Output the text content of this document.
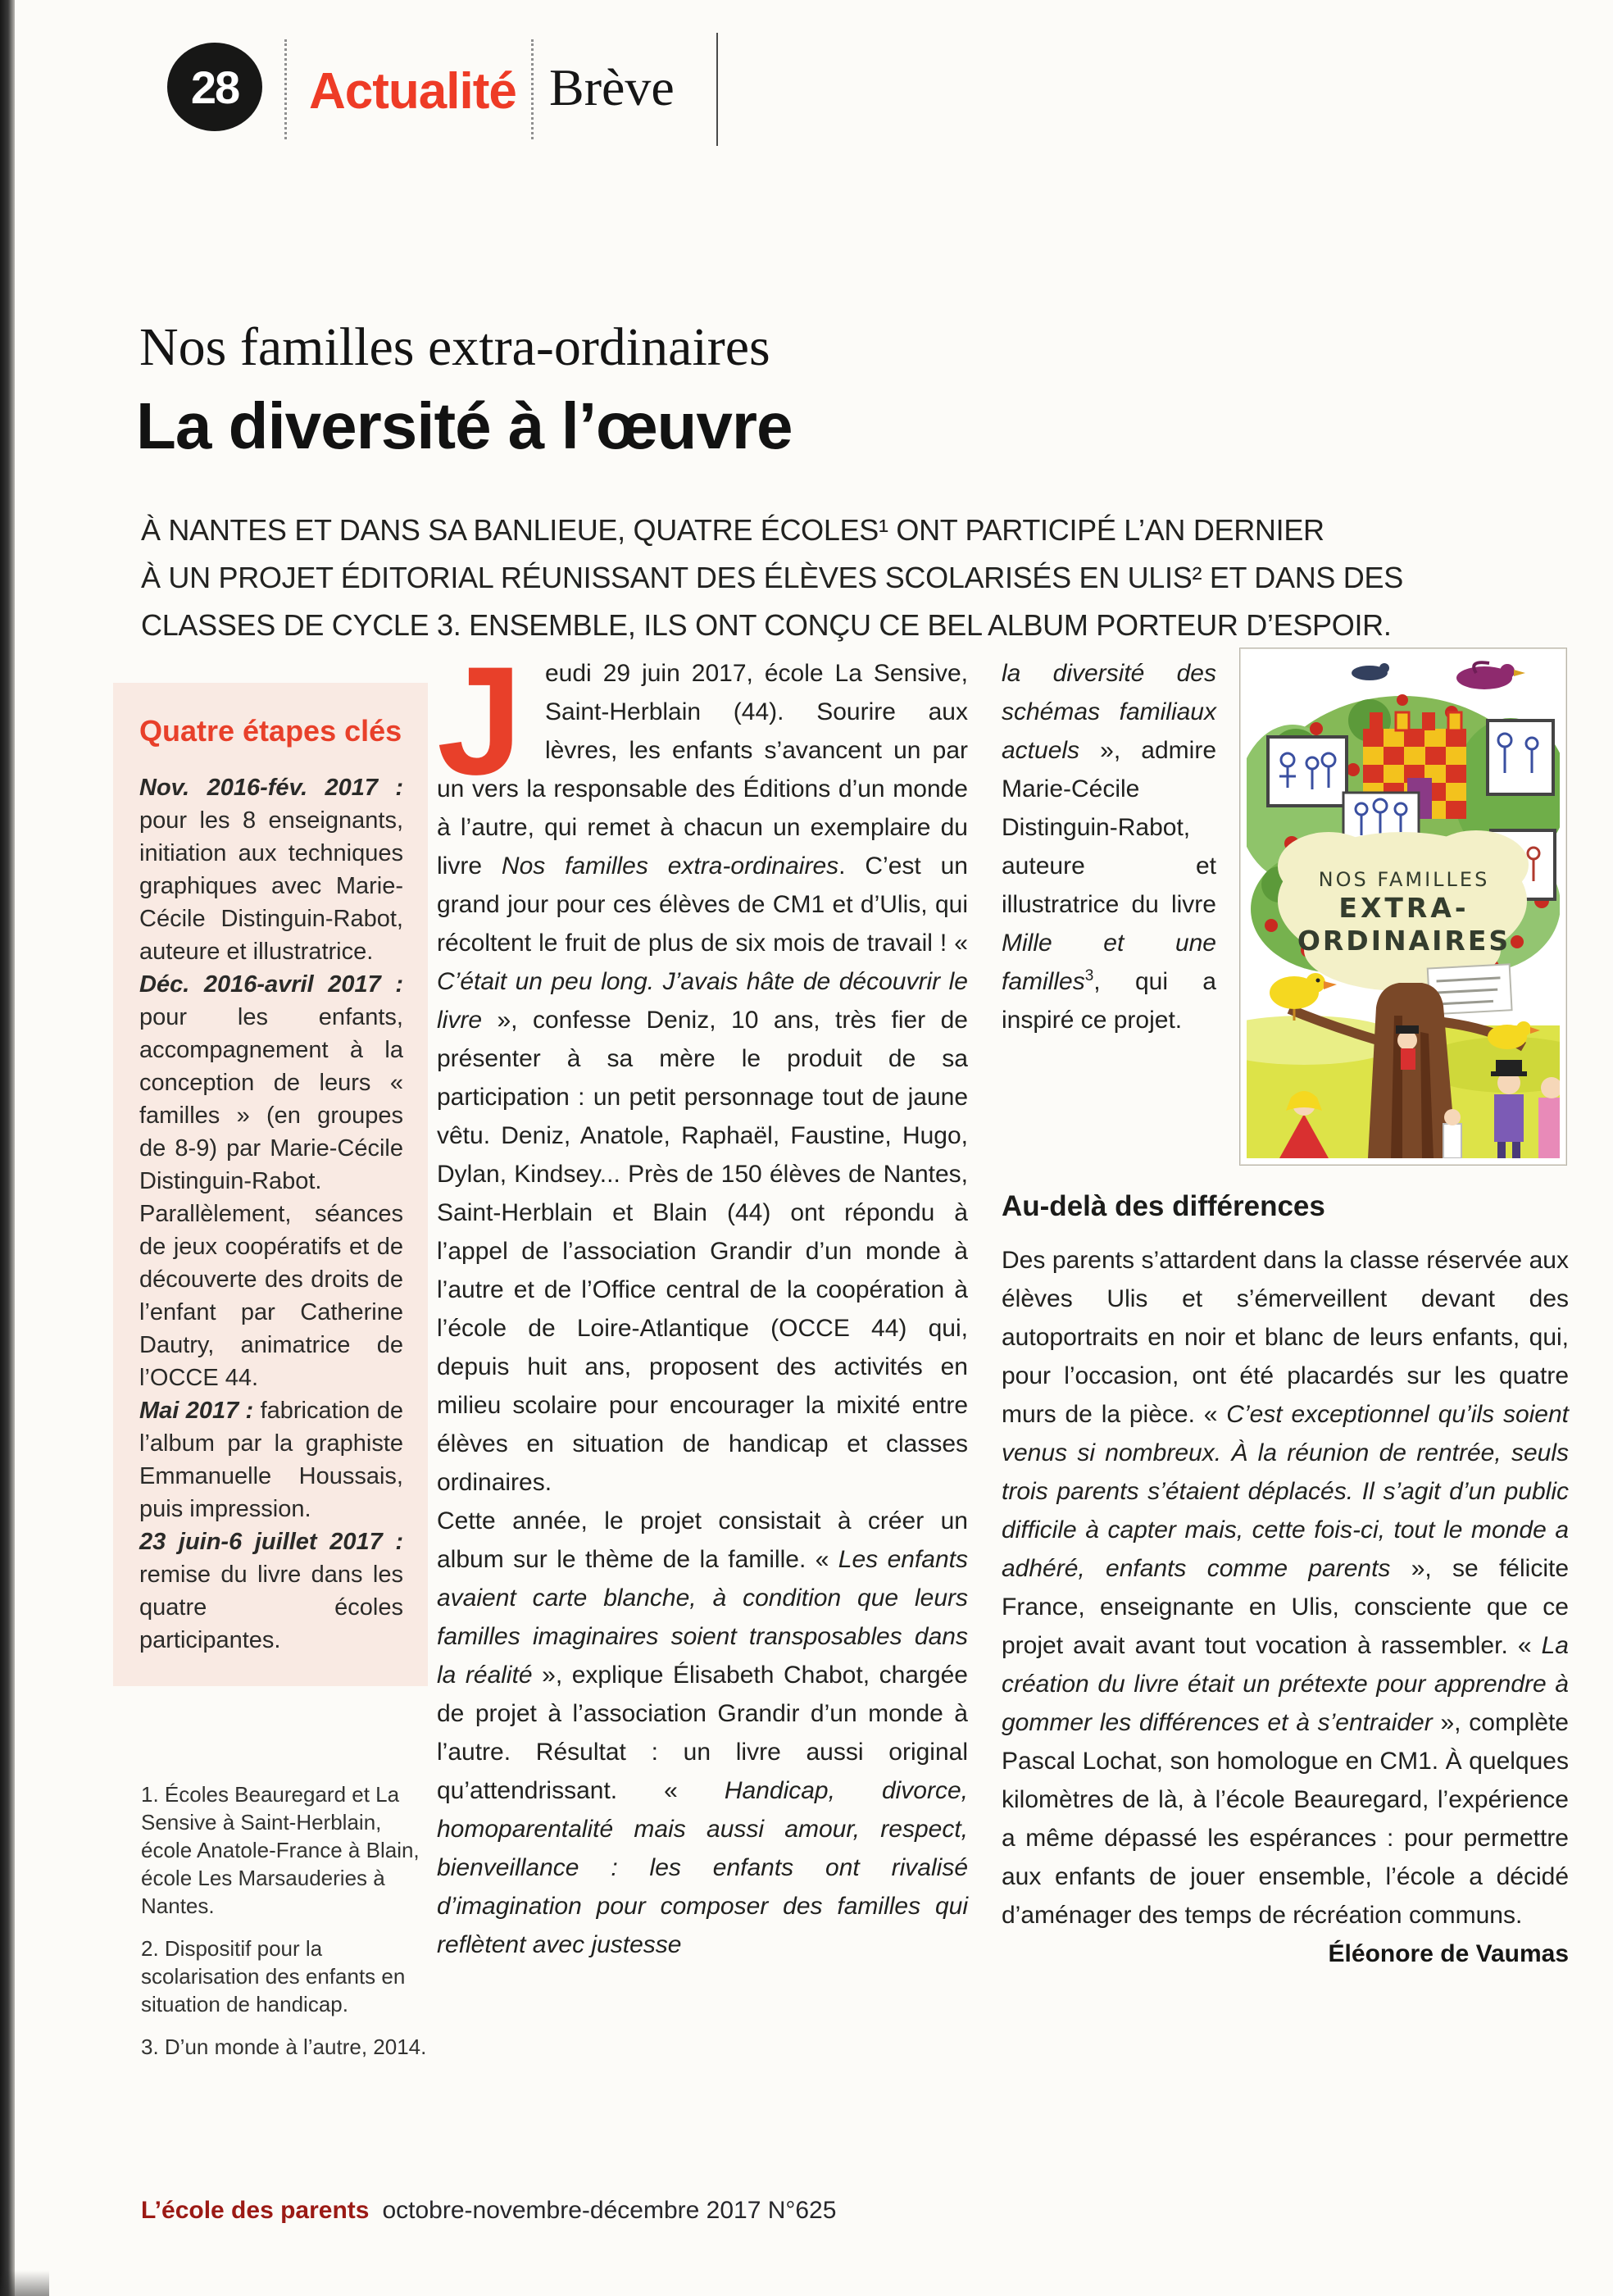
28 Actualité Brève
Nos familles extra-ordinaires
La diversité à l’œuvre
À NANTES ET DANS SA BANLIEUE, QUATRE ÉCOLES¹ ONT PARTICIPÉ L’AN DERNIER
À UN PROJET ÉDITORIAL RÉUNISSANT DES ÉLÈVES SCOLARISÉS EN ULIS² ET DANS DES
CLASSES DE CYCLE 3. ENSEMBLE, ILS ONT CONÇU CE BEL ALBUM PORTEUR D’ESPOIR.
Quatre étapes clés

Nov. 2016-fév. 2017 : pour les 8 enseignants, initiation aux techniques graphiques avec Marie-Cécile Distinguin-Rabot, auteure et illustratrice.

Déc. 2016-avril 2017 : pour les enfants, accompagnement à la conception de leurs « familles » (en groupes de 8-9) par Marie-Cécile Distinguin-Rabot. Parallèlement, séances de jeux coopératifs et de découverte des droits de l’enfant par Catherine Dautry, animatrice de l’OCCE 44.

Mai 2017 : fabrication de l’album par la graphiste Emmanuelle Houssais, puis impression.

23 juin-6 juillet 2017 : remise du livre dans les quatre écoles participantes.

1. Écoles Beauregard et La Sensive à Saint-Herblain, école Anatole-France à Blain, école Les Marsauderies à Nantes.

2. Dispositif pour la scolarisation des enfants en situation de handicap.

3. D’un monde à l’autre, 2014.

Jeudi 29 juin 2017, école La Sensive, Saint-Herblain (44). Sourire aux lèvres, les enfants s’avancent un par un vers la responsable des Éditions d’un monde à l’autre, qui remet à chacun un exemplaire du livre Nos familles extra-ordinaires. C’est un grand jour pour ces élèves de CM1 et d’Ulis, qui récoltent le fruit de plus de six mois de travail ! « C’était un peu long. J’avais hâte de découvrir le livre », confesse Deniz, 10 ans, très fier de présenter à sa mère le produit de sa participation : un petit personnage tout de jaune vêtu. Deniz, Anatole, Raphaël, Faustine, Hugo, Dylan, Kindsey... Près de 150 élèves de Nantes, Saint-Herblain et Blain (44) ont répondu à l’appel de l’association Grandir d’un monde à l’autre et de l’Office central de la coopération à l’école de Loire-Atlantique (OCCE 44) qui, depuis huit ans, proposent des activités en milieu scolaire pour encourager la mixité entre élèves en situation de handicap et classes ordinaires.

Cette année, le projet consistait à créer un album sur le thème de la famille. « Les enfants avaient carte blanche, à condition que leurs familles imaginaires soient transposables dans la réalité », explique Élisabeth Chabot, chargée de projet à l’association Grandir d’un monde à l’autre. Résultat : un livre aussi original qu’attendrissant. « Handicap, divorce, homoparentalité mais aussi amour, respect, bienveillance : les enfants ont rivalisé d’imagination pour composer des familles qui reflètent avec justesse

la diversité des schémas familiaux actuels », admire Marie-Cécile Distinguin-Rabot, auteure et illustratrice du livre Mille et une familles$^3$, qui a inspiré ce projet.
NOS FAMILLES
EXTRA-
ORDINAIRES
Au-delà des différences
Des parents s’attardent dans la classe réservée aux élèves Ulis et s’émerveillent devant des autoportraits en noir et blanc de leurs enfants, qui, pour l’occasion, ont été placardés sur les quatre murs de la pièce. « C’est exceptionnel qu’ils soient venus si nombreux. À la réunion de rentrée, seuls trois parents s’étaient déplacés. Il s’agit d’un public difficile à capter mais, cette fois-ci, tout le monde a adhéré, enfants comme parents », se félicite France, enseignante en Ulis, consciente que ce projet avait avant tout vocation à rassembler. « La création du livre était un prétexte pour apprendre à gommer les différences et à s’entraider », complète Pascal Lochat, son homologue en CM1. À quelques kilomètres de là, à l’école Beauregard, l’expérience a même dépassé les espérances : pour permettre aux enfants de jouer ensemble, l’école a décidé d’aménager des temps de récréation communs.
Éléonore de Vaumas
L’école des parents octobre-novembre-décembre 2017 N°625
